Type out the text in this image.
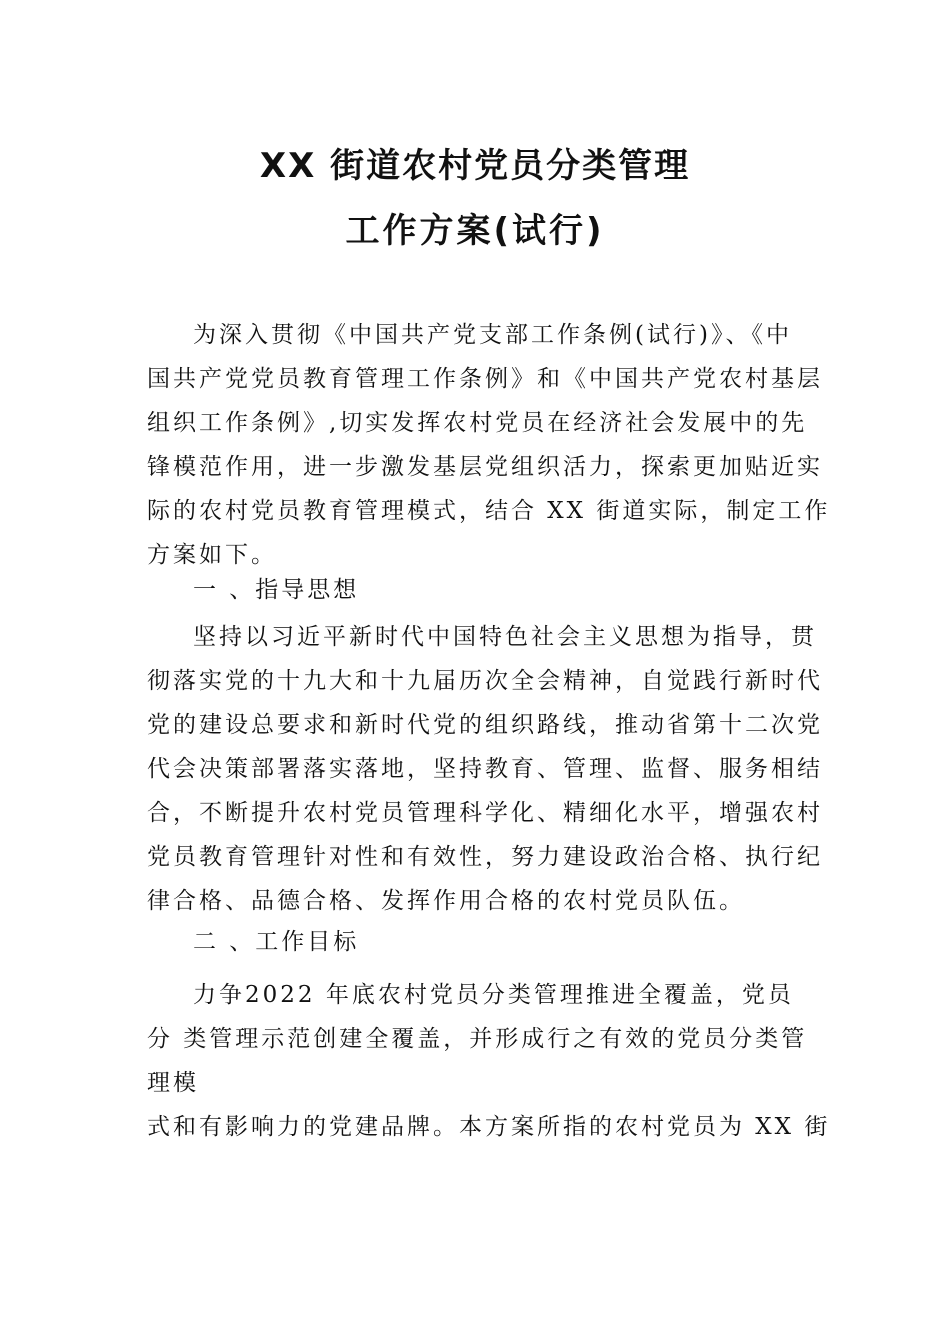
XX 街道农村党员分类管理
工作方案(试行)
为深入贯彻《中国共产党支部工作条例(试行)》、《中
国共产党党员教育管理工作条例》和《中国共产党农村基层
组织工作条例》,切实发挥农村党员在经济社会发展中的先
锋模范作用，进一步激发基层党组织活力，探索更加贴近实
际的农村党员教育管理模式，结合 XX 街道实际，制定工作
方案如下。
一 、指导思想
坚持以习近平新时代中国特色社会主义思想为指导，贯
彻落实党的十九大和十九届历次全会精神，自觉践行新时代
党的建设总要求和新时代党的组织路线，推动省第十二次党
代会决策部署落实落地，坚持教育、管理、监督、服务相结
合，不断提升农村党员管理科学化、精细化水平，增强农村
党员教育管理针对性和有效性，努力建设政治合格、执行纪
律合格、品德合格、发挥作用合格的农村党员队伍。
二 、工作目标
力争2022 年底农村党员分类管理推进全覆盖，党员
分 类管理示范创建全覆盖，并形成行之有效的党员分类管
理模
式和有影响力的党建品牌。本方案所指的农村党员为 XX 街
